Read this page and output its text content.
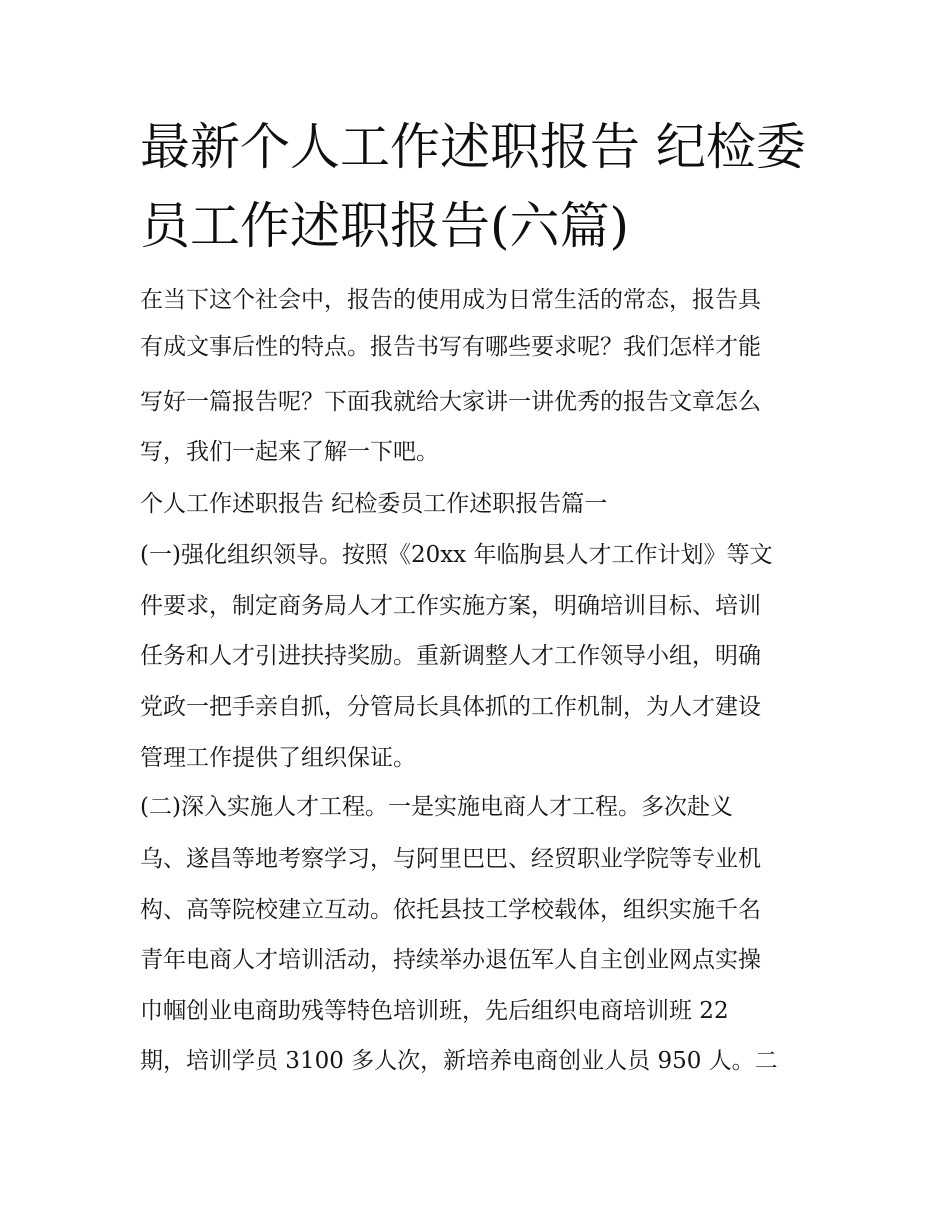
最新个人工作述职报告 纪检委
员工作述职报告(六篇)

在当下这个社会中，报告的使用成为日常生活的常态，报告具

有成文事后性的特点。报告书写有哪些要求呢？我们怎样才能

写好一篇报告呢？下面我就给大家讲一讲优秀的报告文章怎么

写，我们一起来了解一下吧。

个人工作述职报告 纪检委员工作述职报告篇一

(一)强化组织领导。按照《20xx 年临朐县人才工作计划》等文

件要求，制定商务局人才工作实施方案，明确培训目标、培训

任务和人才引进扶持奖励。重新调整人才工作领导小组，明确

党政一把手亲自抓，分管局长具体抓的工作机制，为人才建设

管理工作提供了组织保证。

(二)深入实施人才工程。一是实施电商人才工程。多次赴义

乌、遂昌等地考察学习，与阿里巴巴、经贸职业学院等专业机

构、高等院校建立互动。依托县技工学校载体，组织实施千名

青年电商人才培训活动，持续举办退伍军人自主创业网点实操

巾帼创业电商助残等特色培训班，先后组织电商培训班 22

期，培训学员 3100 多人次，新培养电商创业人员 950 人。二
